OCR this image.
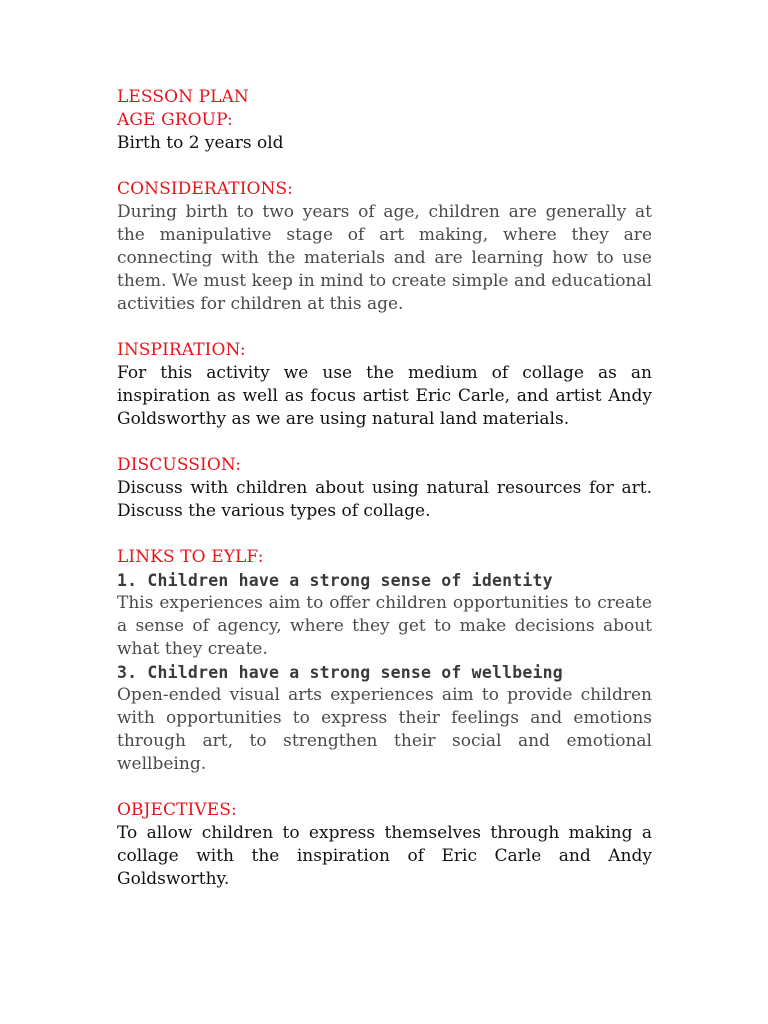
LESSON PLAN
AGE GROUP:
Birth to 2 years old
CONSIDERATIONS:
During birth to two years of age, children are generally at the manipulative stage of art making, where they are connecting with the materials and are learning how to use them. We must keep in mind to create simple and educational activities for children at this age.
INSPIRATION:
For this activity we use the medium of collage as an inspiration as well as focus artist Eric Carle, and artist Andy Goldsworthy as we are using natural land materials.
DISCUSSION:
Discuss with children about using natural resources for art. Discuss the various types of collage.
LINKS TO EYLF:
1. Children have a strong sense of identity
This experiences aim to offer children opportunities to create a sense of agency, where they get to make decisions about what they create.
3. Children have a strong sense of wellbeing
Open-ended visual arts experiences aim to provide children with opportunities to express their feelings and emotions through art, to strengthen their social and emotional wellbeing.
OBJECTIVES:
To allow children to express themselves through making a collage with the inspiration of Eric Carle and Andy Goldsworthy.
